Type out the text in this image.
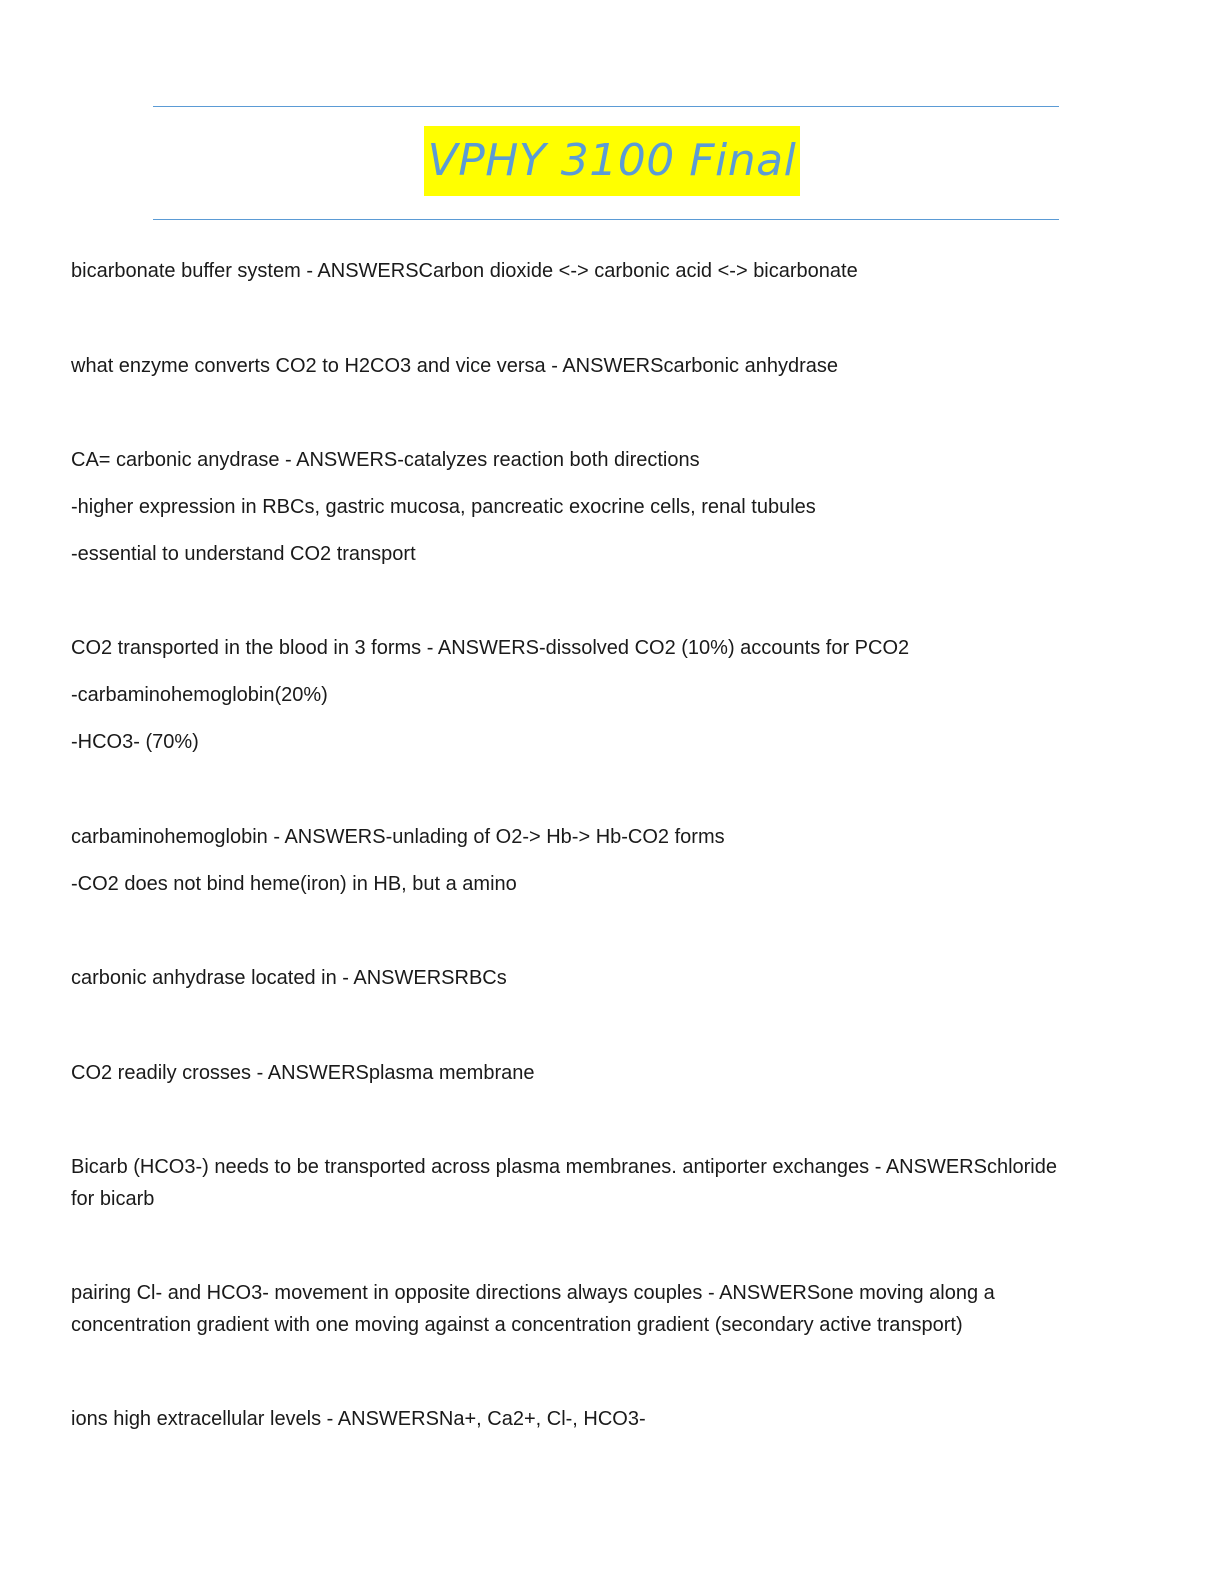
VPHY 3100 Final
bicarbonate buffer system - ANSWERSCarbon dioxide <-> carbonic acid <-> bicarbonate
what enzyme converts CO2 to H2CO3 and vice versa - ANSWERScarbonic anhydrase
CA= carbonic anydrase - ANSWERS-catalyzes reaction both directions
-higher expression in RBCs, gastric mucosa, pancreatic exocrine cells, renal tubules
-essential to understand CO2 transport
CO2 transported in the blood in 3 forms - ANSWERS-dissolved CO2 (10%) accounts for PCO2
-carbaminohemoglobin(20%)
-HCO3- (70%)
carbaminohemoglobin - ANSWERS-unlading of O2-> Hb-> Hb-CO2 forms
-CO2 does not bind heme(iron) in HB, but a amino
carbonic anhydrase located in - ANSWERSRBCs
CO2 readily crosses - ANSWERSplasma membrane
Bicarb (HCO3-) needs to be transported across plasma membranes. antiporter exchanges - ANSWERSchloride
for bicarb
pairing Cl- and HCO3- movement in opposite directions always couples - ANSWERSone moving along a
concentration gradient with one moving against a concentration gradient (secondary active transport)
ions high extracellular levels - ANSWERSNa+, Ca2+, Cl-, HCO3-
